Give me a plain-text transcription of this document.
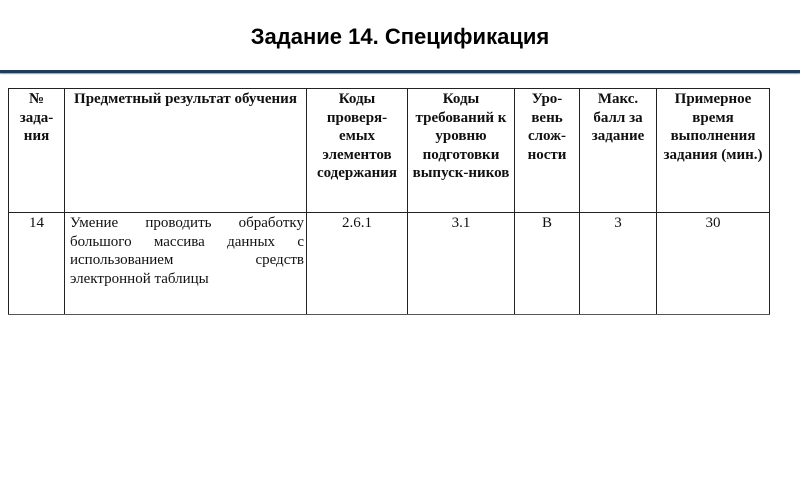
Задание 14. Спецификация
№ зада-ния	Предметный результат обучения	Коды проверя-емых элементов содержания	Коды требований к уровню подготовки выпуск-ников	Уро-вень слож-ности	Макс. балл за задание	Примерное время выполнения задания (мин.)
14	Умение проводить обработку большого массива данных с использованием средств электронной таблицы	2.6.1	3.1	В	3	30
